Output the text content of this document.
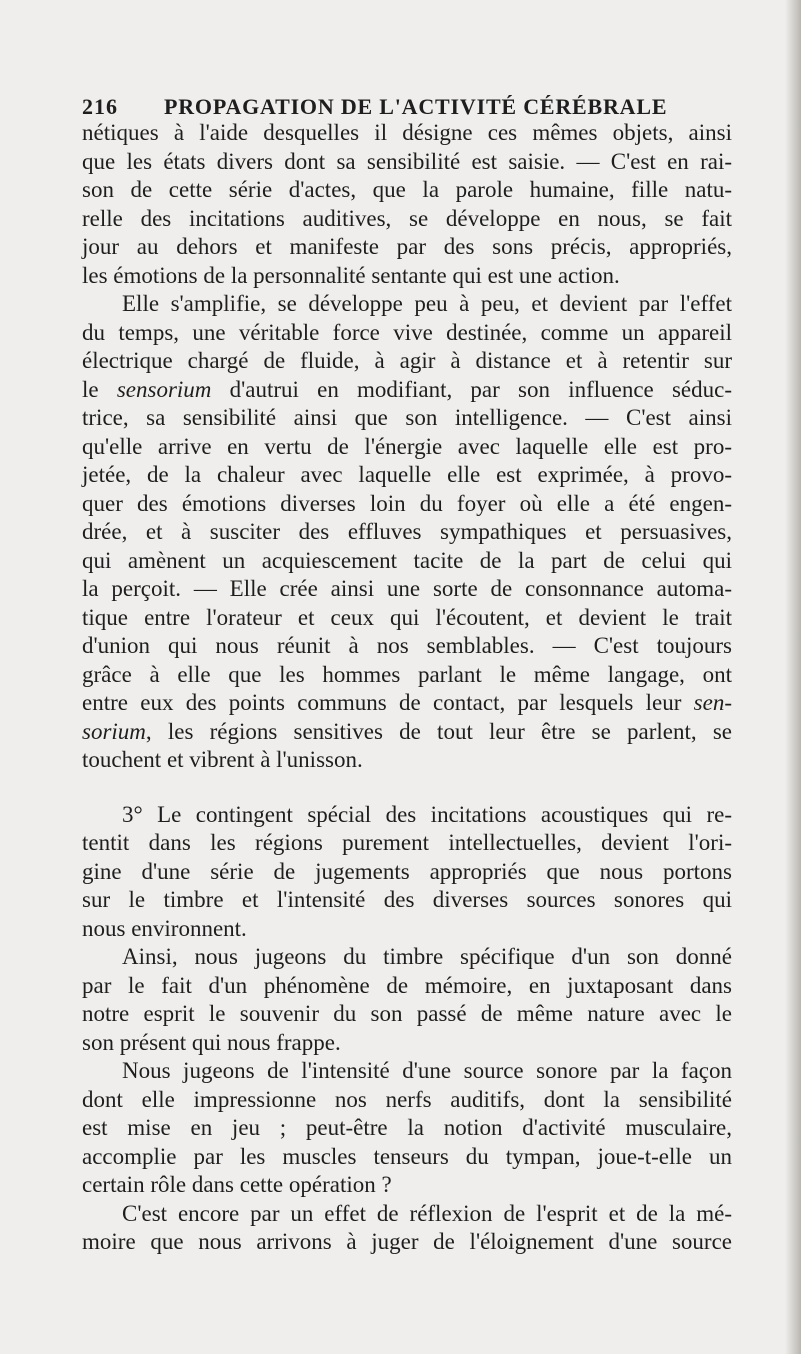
216 PROPAGATION DE L'ACTIVITÉ CÉRÉBRALE
nétiques à l'aide desquelles il désigne ces mêmes objets, ainsi
que les états divers dont sa sensibilité est saisie. — C'est en rai-
son de cette série d'actes, que la parole humaine, fille natu-
relle des incitations auditives, se développe en nous, se fait
jour au dehors et manifeste par des sons précis, appropriés,
les émotions de la personnalité sentante qui est une action.
Elle s'amplifie, se développe peu à peu, et devient par l'effet
du temps, une véritable force vive destinée, comme un appareil
électrique chargé de fluide, à agir à distance et à retentir sur
le sensorium d'autrui en modifiant, par son influence séduc-
trice, sa sensibilité ainsi que son intelligence. — C'est ainsi
qu'elle arrive en vertu de l'énergie avec laquelle elle est pro-
jetée, de la chaleur avec laquelle elle est exprimée, à provo-
quer des émotions diverses loin du foyer où elle a été engen-
drée, et à susciter des effluves sympathiques et persuasives,
qui amènent un acquiescement tacite de la part de celui qui
la perçoit. — Elle crée ainsi une sorte de consonnance automa-
tique entre l'orateur et ceux qui l'écoutent, et devient le trait
d'union qui nous réunit à nos semblables. — C'est toujours
grâce à elle que les hommes parlant le même langage, ont
entre eux des points communs de contact, par lesquels leur sen-
sorium, les régions sensitives de tout leur être se parlent, se
touchent et vibrent à l'unisson.
3° Le contingent spécial des incitations acoustiques qui re-
tentit dans les régions purement intellectuelles, devient l'ori-
gine d'une série de jugements appropriés que nous portons
sur le timbre et l'intensité des diverses sources sonores qui
nous environnent.
Ainsi, nous jugeons du timbre spécifique d'un son donné
par le fait d'un phénomène de mémoire, en juxtaposant dans
notre esprit le souvenir du son passé de même nature avec le
son présent qui nous frappe.
Nous jugeons de l'intensité d'une source sonore par la façon
dont elle impressionne nos nerfs auditifs, dont la sensibilité
est mise en jeu ; peut-être la notion d'activité musculaire,
accomplie par les muscles tenseurs du tympan, joue-t-elle un
certain rôle dans cette opération ?
C'est encore par un effet de réflexion de l'esprit et de la mé-
moire que nous arrivons à juger de l'éloignement d'une source
